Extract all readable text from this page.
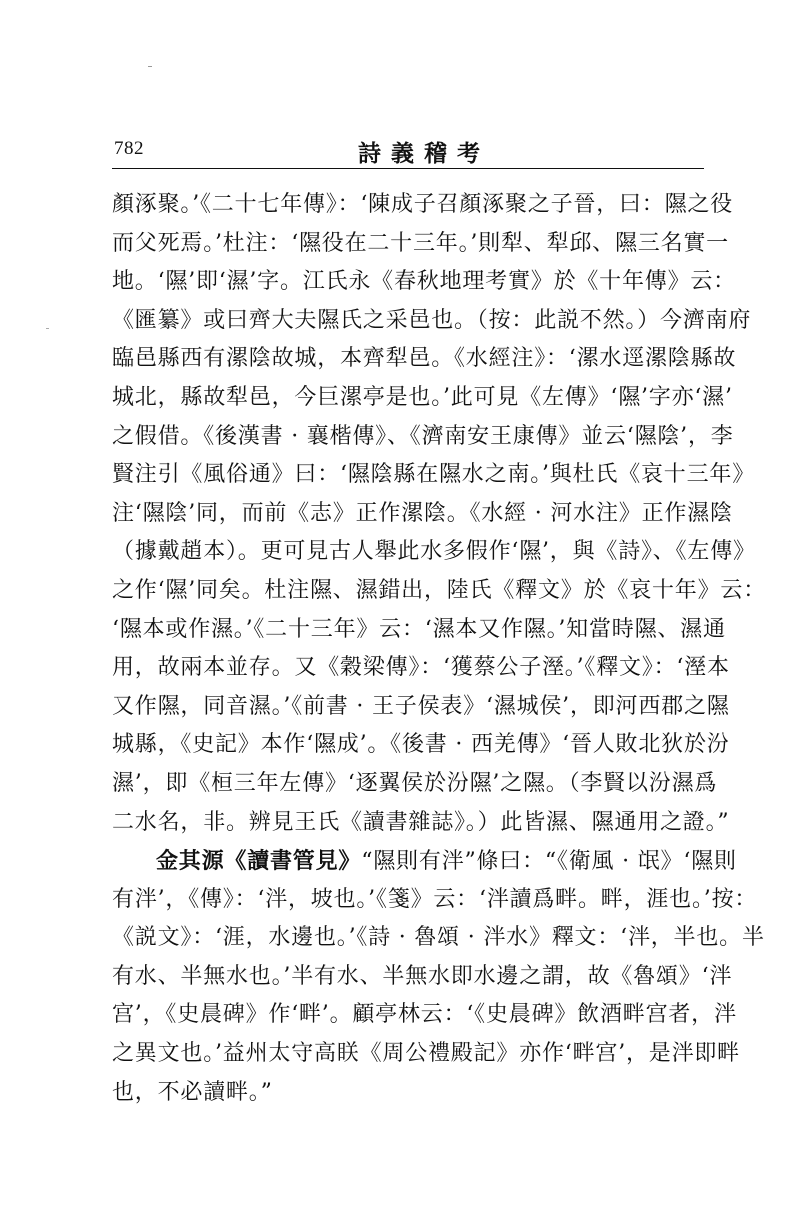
782	詩義稽考
顏涿聚。’《二十七年傳》：‘陳成子召顏涿聚之子晉，曰：隰之役
而父死焉。’杜注：‘隰役在二十三年。’則犁、犁邱、隰三名實一
地。‘隰’即‘濕’字。江氏永《春秋地理考實》於《十年傳》云：
《匯纂》或曰齊大夫隰氏之采邑也。（按：此説不然。）今濟南府
臨邑縣西有漯陰故城，本齊犁邑。《水經注》：‘漯水逕漯陰縣故
城北，縣故犁邑，今巨漯亭是也。’此可見《左傳》‘隰’字亦‘濕’
之假借。《後漢書 · 襄楷傳》、《濟南安王康傳》並云‘隰陰’，李
賢注引《風俗通》曰：‘隰陰縣在隰水之南。’與杜氏《哀十三年》
注‘隰陰’同，而前《志》正作漯陰。《水經 · 河水注》正作濕陰
（據戴趙本）。更可見古人舉此水多假作‘隰’，與《詩》、《左傳》
之作‘隰’同矣。杜注隰、濕錯出，陸氏《釋文》於《哀十年》云：
‘隰本或作濕。’《二十三年》云：‘濕本又作隰。’知當時隰、濕通
用，故兩本並存。又《穀梁傳》：‘獲蔡公子溼。’《釋文》：‘溼本
又作隰，同音濕。’《前書 · 王子侯表》‘濕城侯’，即河西郡之隰
城縣，《史記》本作‘隰成’。《後書 · 西羌傳》‘晉人敗北狄於汾
濕’，即《桓三年左傳》‘逐翼侯於汾隰’之隰。（李賢以汾濕爲
二水名，非。辨見王氏《讀書雜誌》。）此皆濕、隰通用之證。”
金其源《讀書管見》“隰則有泮”條曰：“《衛風 · 氓》‘隰則
有泮’，《傳》：‘泮，坡也。’《箋》云：‘泮讀爲畔。畔，涯也。’按：
《説文》：‘涯，水邊也。’《詩 · 魯頌 · 泮水》釋文：‘泮，半也。半
有水、半無水也。’半有水、半無水即水邊之謂，故《魯頌》‘泮
宫’，《史晨碑》作‘畔’。顧亭林云：‘《史晨碑》飲酒畔宫者，泮
之異文也。’益州太守高眹《周公禮殿記》亦作‘畔宫’，是泮即畔
也，不必讀畔。”
